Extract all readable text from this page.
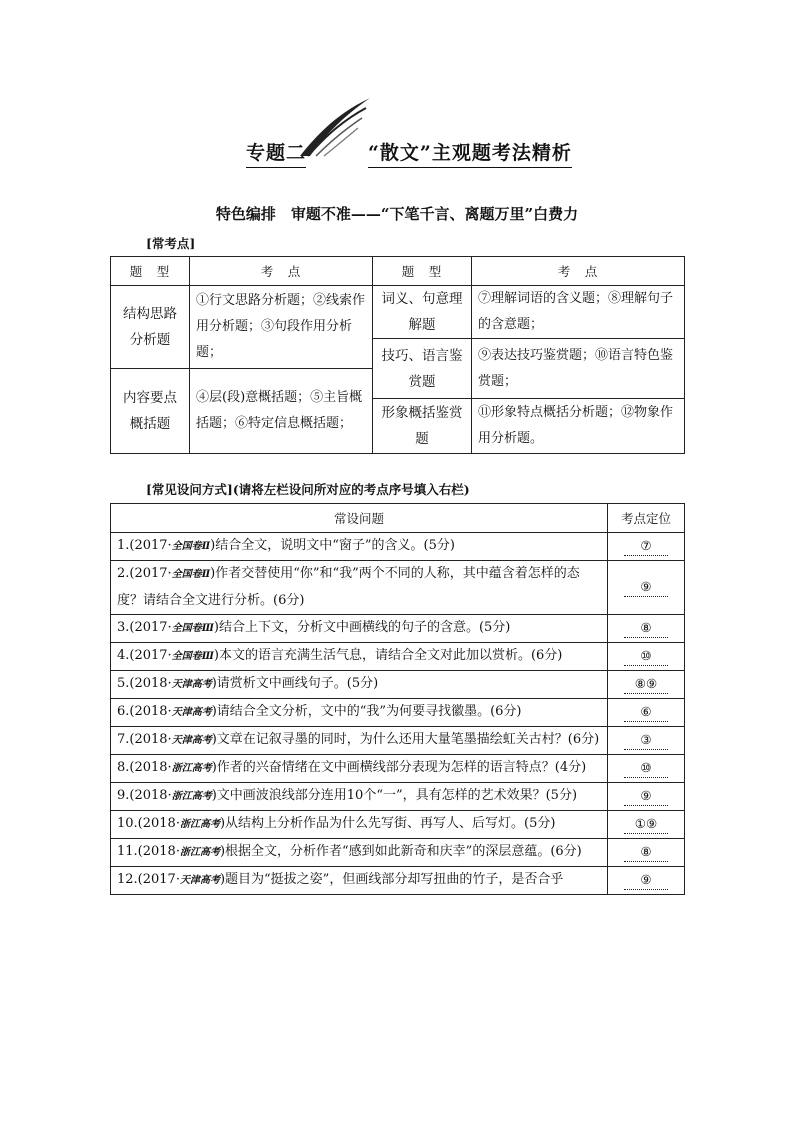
专题二	“散文”主观题考法精析
特色编排　审题不准——“下笔千言、离题万里”白费力
[常考点]
题　型	考　点	题　型	考　点
结构思路分析题	①行文思路分析题；②线索作用分析题；③句段作用分析题；	词义、句意理解题	⑦理解词语的含义题；⑧理解句子的含意题；
		技巧、语言鉴赏题	⑨表达技巧鉴赏题；⑩语言特色鉴赏题；
内容要点概括题	④层(段)意概括题；⑤主旨概括题；⑥特定信息概括题；		
		形象概括鉴赏题	⑪形象特点概括分析题；⑫物象作用分析题。
[常见设问方式](请将左栏设问所对应的考点序号填入右栏)
常设问题	考点定位
1.(2017·全国卷Ⅱ)结合全文，说明文中“窗子”的含义。(5分)	⑦
2.(2017·全国卷Ⅱ)作者交替使用“你”和“我”两个不同的人称，其中蕴含着怎样的态度？请结合全文进行分析。(6分)	⑨
3.(2017·全国卷Ⅲ)结合上下文，分析文中画横线的句子的含意。(5分)	⑧
4.(2017·全国卷Ⅲ)本文的语言充满生活气息，请结合全文对此加以赏析。(6分)	⑩
5.(2018·天津高考)请赏析文中画线句子。(5分)	⑧⑨
6.(2018·天津高考)请结合全文分析，文中的“我”为何要寻找徽墨。(6分)	⑥
7.(2018·天津高考)文章在记叙寻墨的同时，为什么还用大量笔墨描绘虹关古村？(6分)	③
8.(2018·浙江高考)作者的兴奋情绪在文中画横线部分表现为怎样的语言特点？(4分)	⑩
9.(2018·浙江高考)文中画波浪线部分连用10个“一”，具有怎样的艺术效果？(5分)	⑨
10.(2018·浙江高考)从结构上分析作品为什么先写街、再写人、后写灯。(5分)	①⑨
11.(2018·浙江高考)根据全文，分析作者“感到如此新奇和庆幸”的深层意蕴。(6分)	⑧
12.(2017·天津高考)题目为“挺拔之姿”，但画线部分却写扭曲的竹子，是否合乎	⑨
